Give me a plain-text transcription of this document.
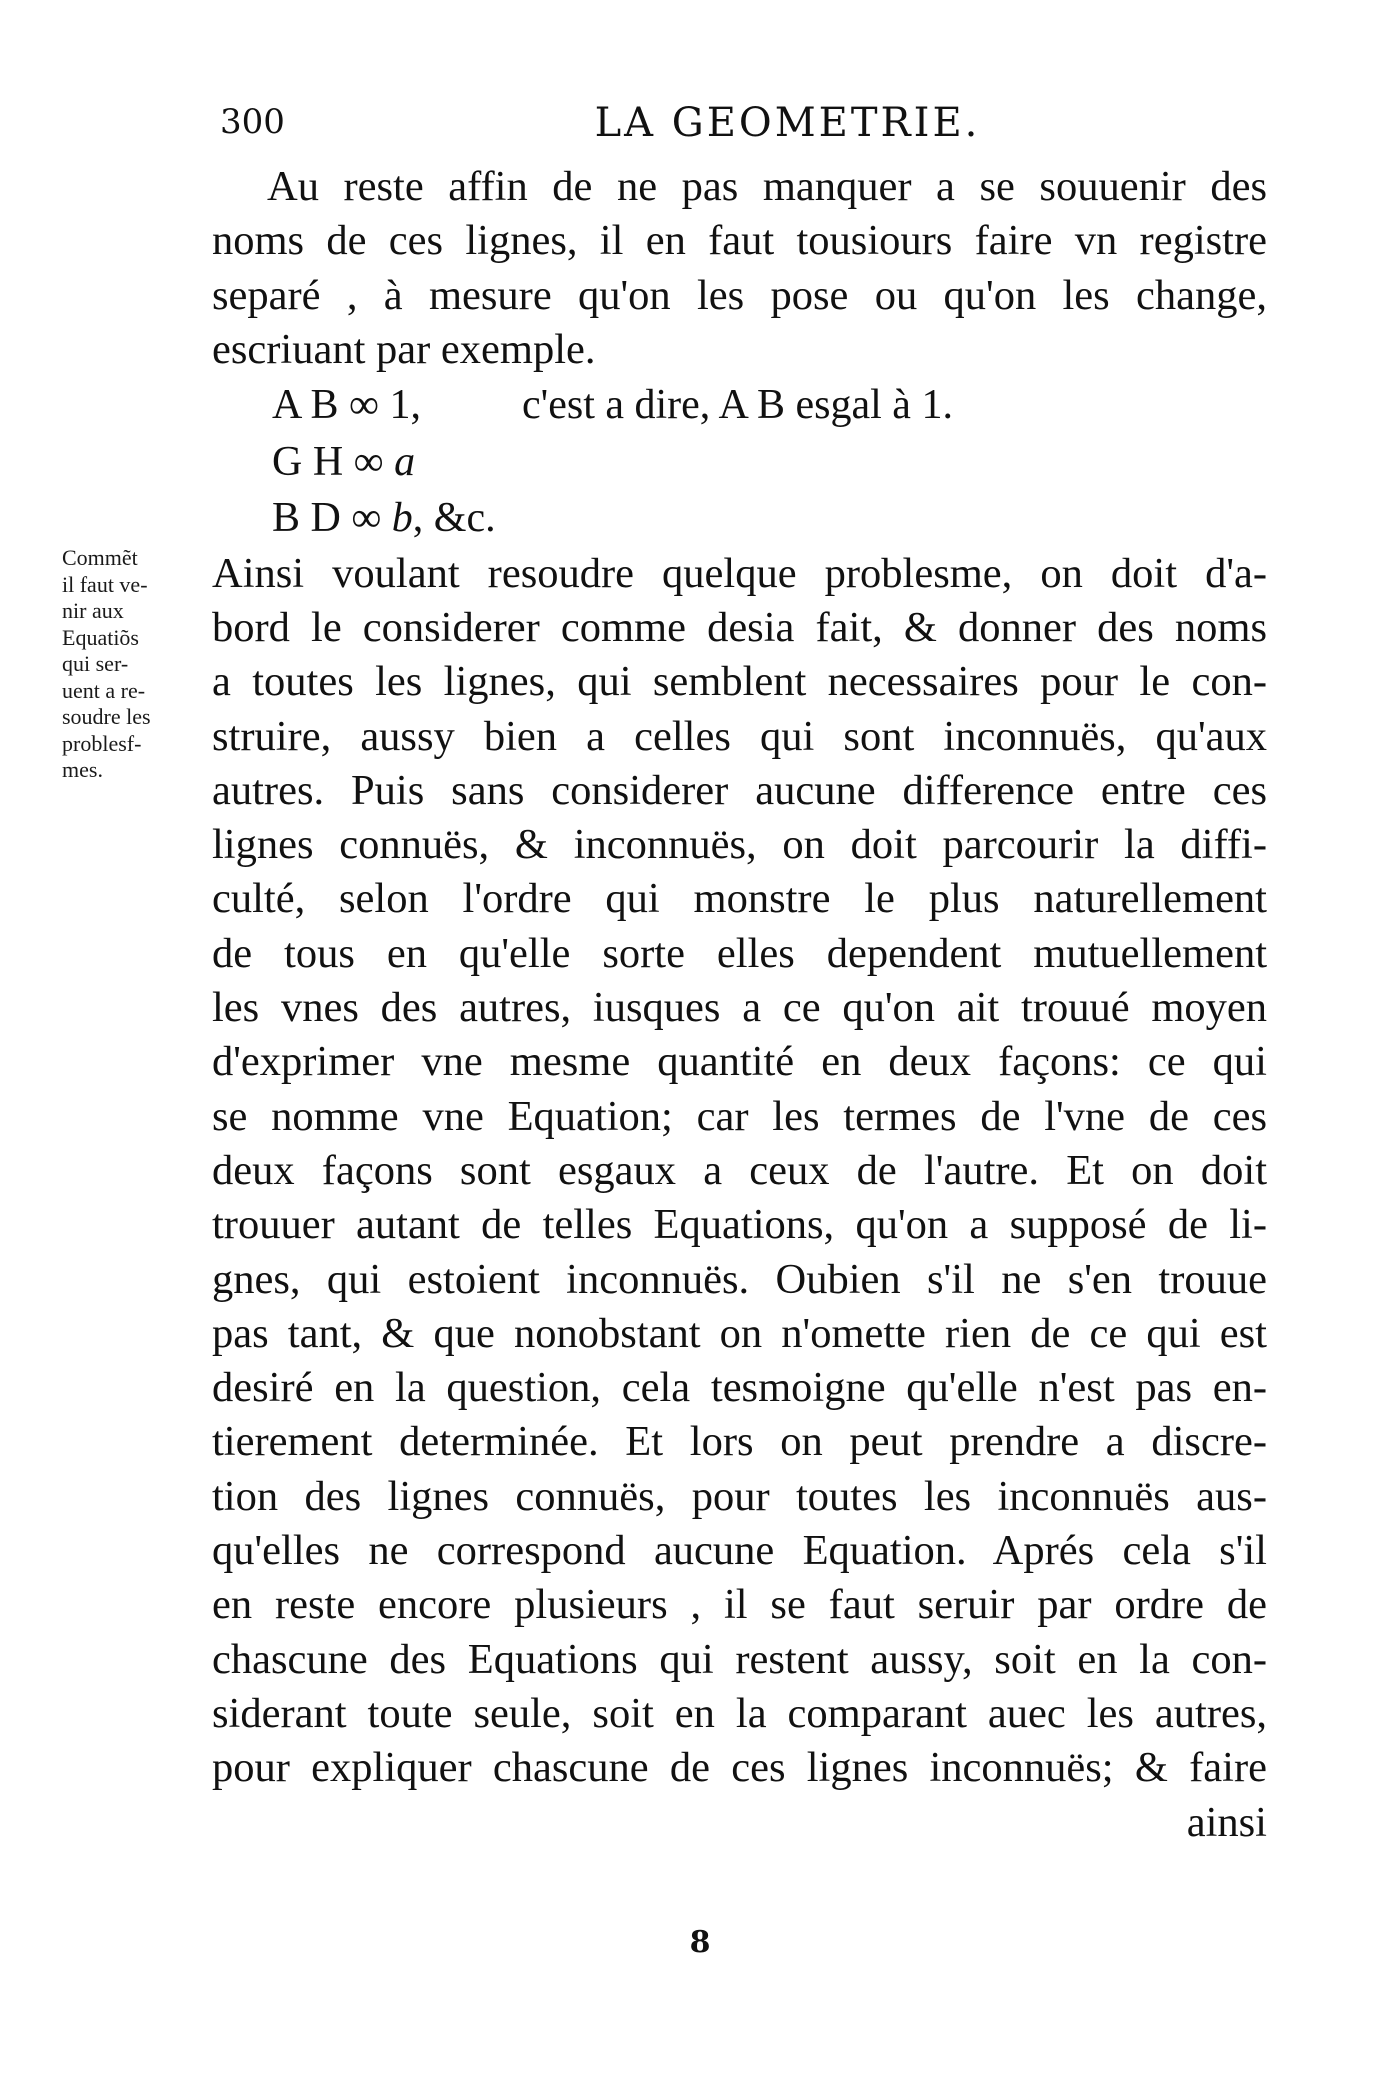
300	LA GEOMETRIE.
Commẽt
il faut ve-
nir aux
Equatiõs
qui ser-
uent a re-
soudre les
problesf-
mes.
Au reste affin de ne pas manquer a se souuenir des
noms de ces lignes, il en faut tousiours faire vn registre
separé , à mesure qu'on les pose ou qu'on les change,
escriuant par exemple.
A B ∞ 1, c'est a dire, A B esgal à 1.
G H ∞ a
B D ∞ b, &c.
Ainsi voulant resoudre quelque problesme, on doit d'a-
bord le considerer comme desia fait, & donner des noms
a toutes les lignes, qui semblent necessaires pour le con-
struire, aussy bien a celles qui sont inconnuës, qu'aux
autres. Puis sans considerer aucune difference entre ces
lignes connuës, & inconnuës, on doit parcourir la diffi-
culté, selon l'ordre qui monstre le plus naturellement
de tous en qu'elle sorte elles dependent mutuellement
les vnes des autres, iusques a ce qu'on ait trouué moyen
d'exprimer vne mesme quantité en deux façons: ce qui
se nomme vne Equation; car les termes de l'vne de ces
deux façons sont esgaux a ceux de l'autre. Et on doit
trouuer autant de telles Equations, qu'on a supposé de li-
gnes, qui estoient inconnuës. Oubien s'il ne s'en trouue
pas tant, & que nonobstant on n'omette rien de ce qui est
desiré en la question, cela tesmoigne qu'elle n'est pas en-
tierement determinée. Et lors on peut prendre a discre-
tion des lignes connuës, pour toutes les inconnuës aus-
qu'elles ne correspond aucune Equation. Aprés cela s'il
en reste encore plusieurs , il se faut seruir par ordre de
chascune des Equations qui restent aussy, soit en la con-
siderant toute seule, soit en la comparant auec les autres,
pour expliquer chascune de ces lignes inconnuës; & faire
ainsi
8
